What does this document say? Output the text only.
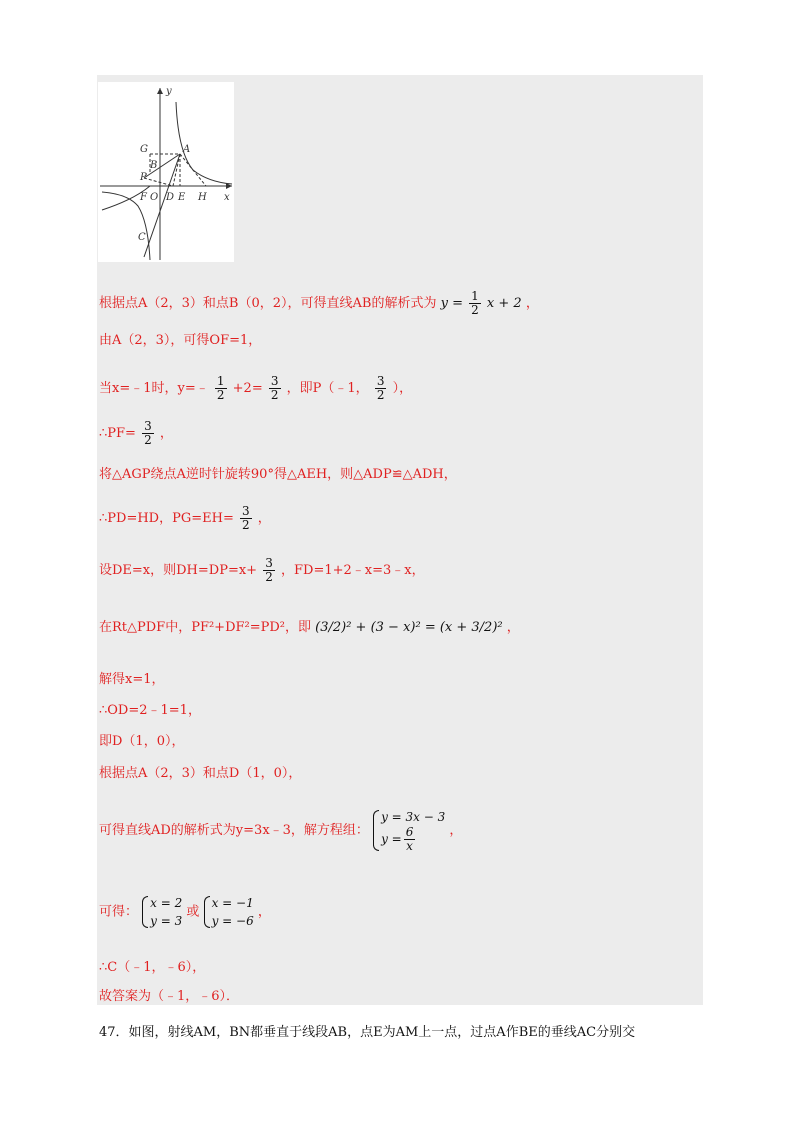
y
x
G	A
B
P
F O D E H
C
根据点A（2，3）和点B（0，2），可得直线AB的解析式为 $y = \frac{1}{2}$ x + 2 ，
由A（2，3），可得OF=1，
当x=﹣1时，y=﹣ $\frac{1}{2} +2= \frac{3}{2}$ ，即P（﹣1， $\frac{3}{2}$ ），
∴PF= $\frac{3}{2}$ ，
将△AGP绕点A逆时针旋转90°得△AEH，则△ADP≌△ADH，
∴PD=HD，$PG=EH= \frac{3}{2}$ ，
设DE=x，则$DH=DP=x+ \frac{3}{2}$ ，FD=1+2﹣x=3﹣x，
在Rt△PDF中，PF²+DF²=PD²，即 (3/2)² + (3 − x)² = (x + 3/2)² ，
解得x=1，
∴OD=2﹣1=1，
即D（1，0），
根据点A（2，3）和点D（1，0），
可得直线AD的解析式为y=3x﹣3，解方程组：
y = 3x − 3
$y = \frac{6}{x}$	，
可得：
x = 2
y = 3
或
x = −1
y = −6
，
∴C（﹣1，﹣6），
故答案为（﹣1，﹣6）．
47．如图，射线AM，BN都垂直于线段AB，点E为AM上一点，过点A作BE的垂线AC分别交
